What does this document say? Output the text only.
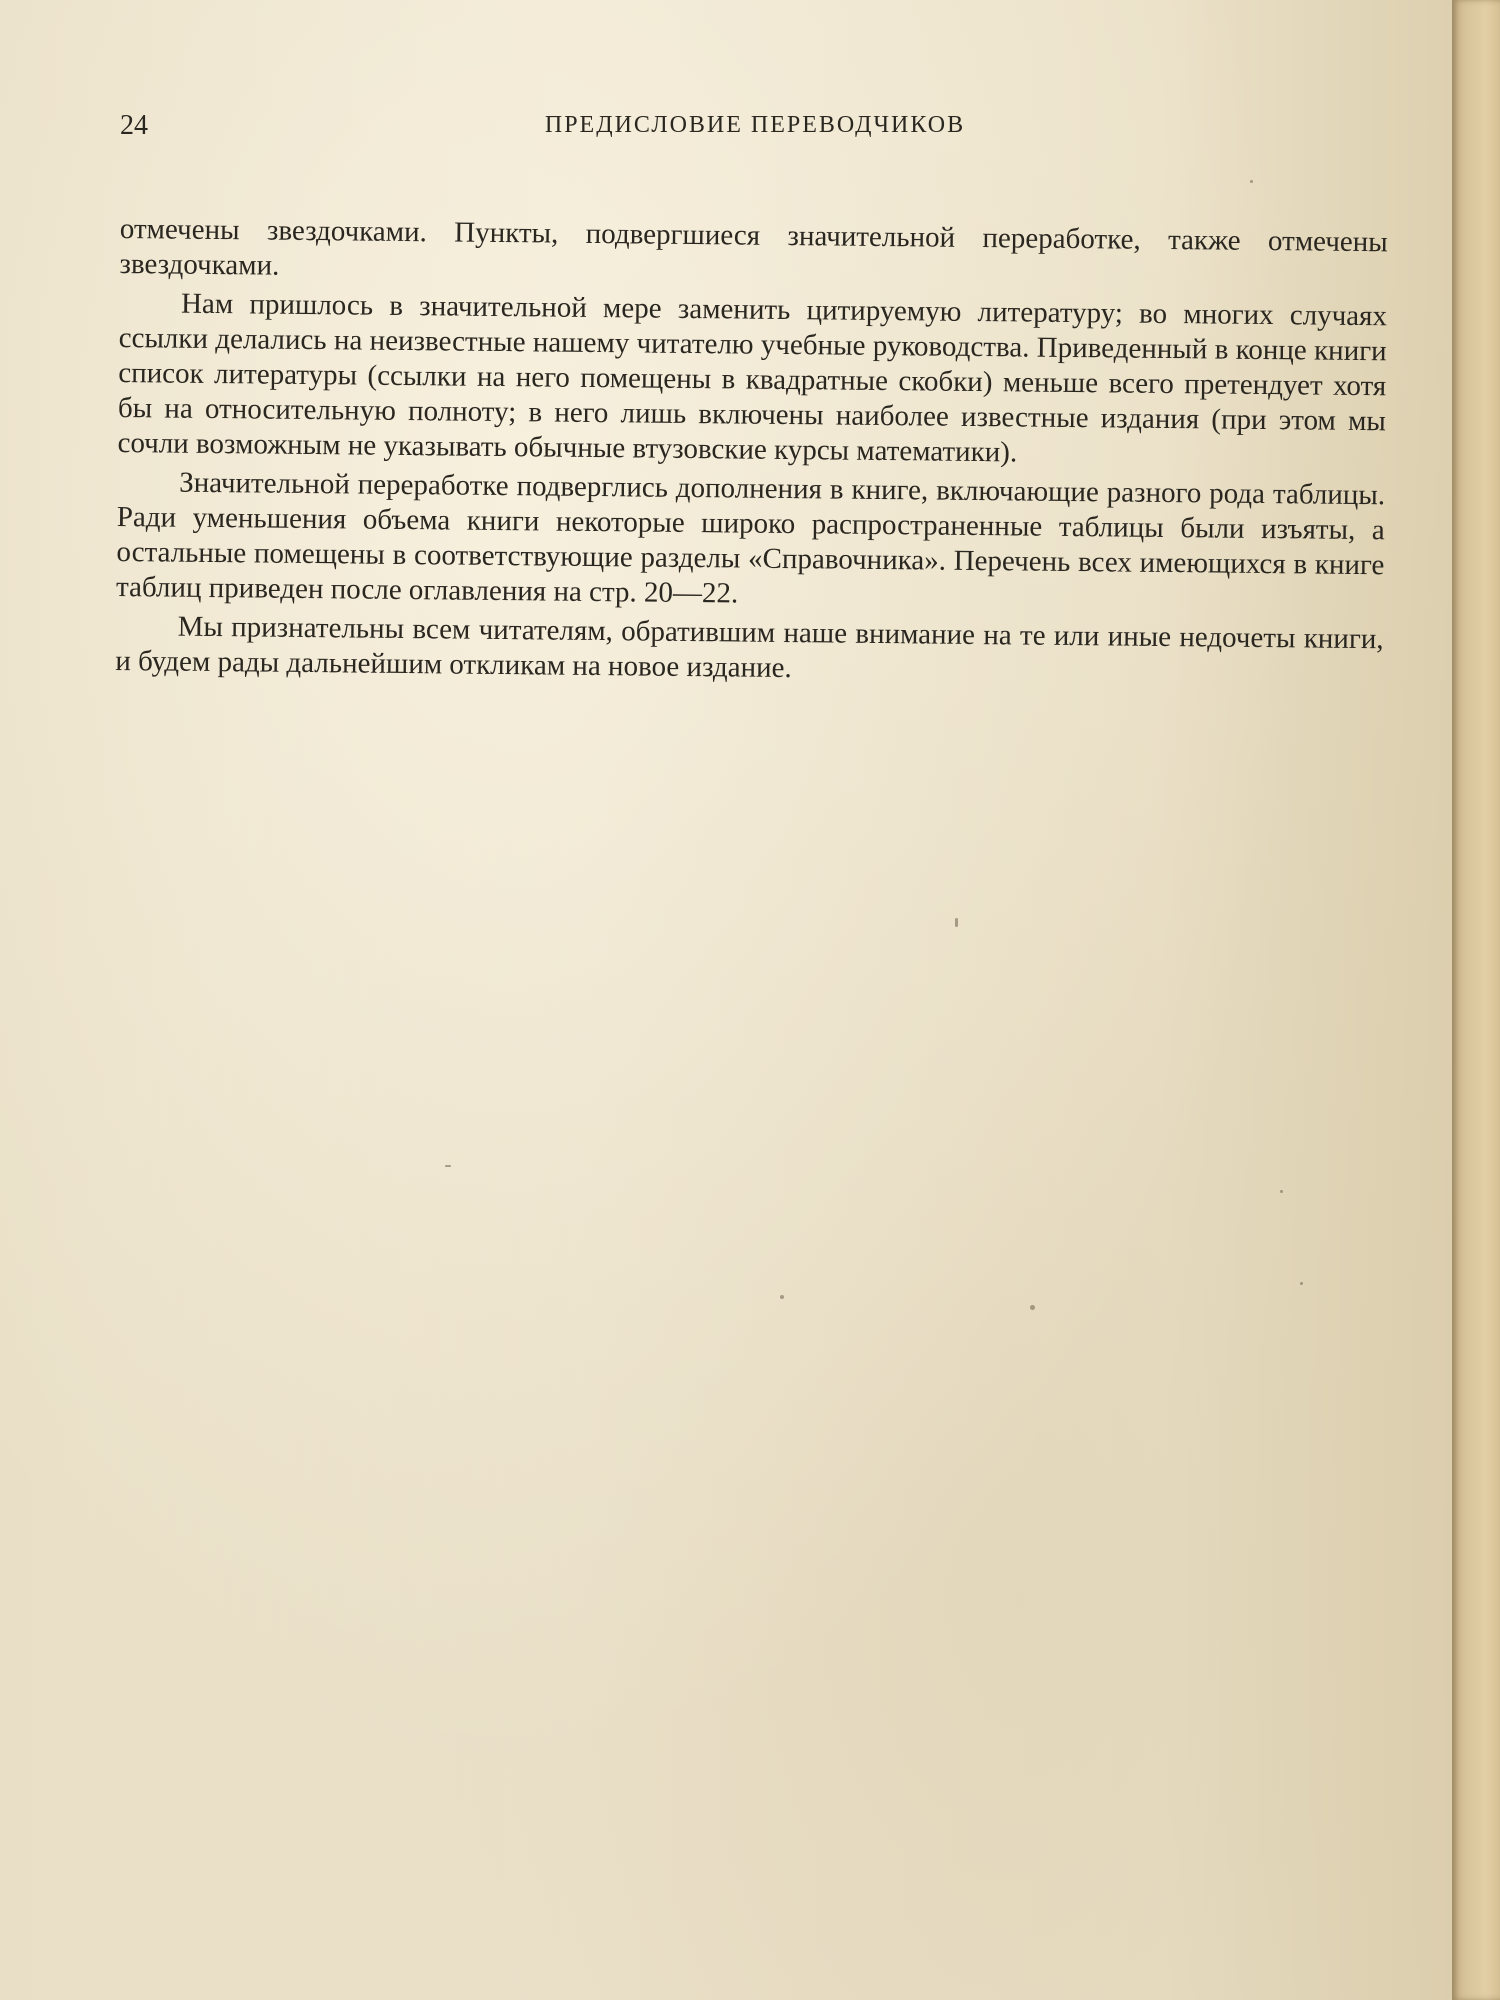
24	ПРЕДИСЛОВИЕ ПЕРЕВОДЧИКОВ

отмечены звездочками. Пункты, подвергшиеся значительной переработке, также отмечены звездочками.

Нам пришлось в значительной мере заменить цитируемую литературу; во многих случаях ссылки делались на неизвестные нашему читателю учебные руководства. Приведенный в конце книги список литературы (ссылки на него помещены в квадратные скобки) меньше всего претендует хотя бы на относительную полноту; в него лишь включены наиболее известные издания (при этом мы сочли возможным не указывать обычные втузовские курсы математики).

Значительной переработке подверглись дополнения в книге, включающие разного рода таблицы. Ради уменьшения объема книги некоторые широко распространенные таблицы были изъяты, а остальные помещены в соответствующие разделы «Справочника». Перечень всех имеющихся в книге таблиц приведен после оглавления на стр. 20—22.

Мы признательны всем читателям, обратившим наше внимание на те или иные недочеты книги, и будем рады дальнейшим откликам на новое издание.
